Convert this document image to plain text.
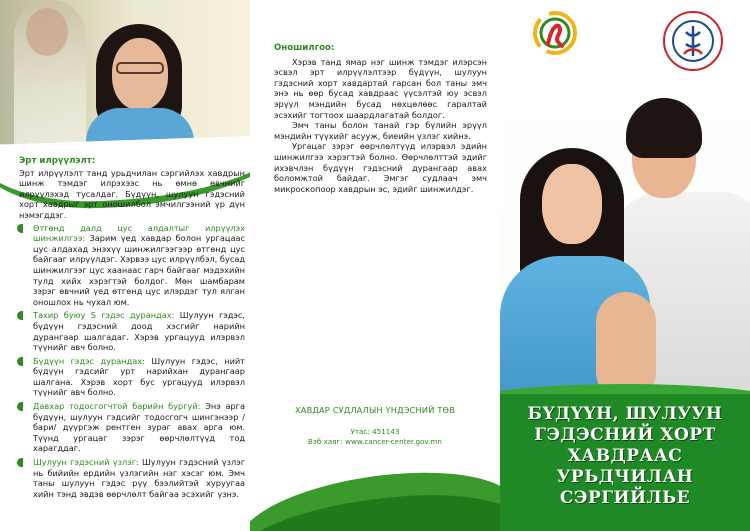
Эрт илрүүлэлт:
Эрт илрүүлэлт танд урьдчилан сэргийлэх хавдрын шинж тэмдэг илрэхээс нь өмнө өвчнийг илрүүлэхэд тусалдаг. Бүдүүн, шулуун гэдэсний хорт хавдрыг эрт оношилбол эмчилгээний үр дүн нэмэгддэг.
Өтгөнд далд цус алдалтыг илрүүлэх шинжилгээ: Зарим үед хавдар болон ургацаас цус алдахад энэхүү шинжилгээгээр өтгөнд цус байгааг илрүүлдэг. Хэрвээ цус илрүүлбэл, бусад шинжилгээг цус хаанаас гарч байгааг мэдэхийн тулд хийх хэрэгтэй болдог. Мөн шамбарам зэрэг өвчний үед өтгөнд цус илэрдэг тул ялган оношлох нь чухал юм.
Тахир буюу S гэдэс дурандах: Шулуун гэдэс, бүдүүн гэдэсний доод хэсгийг нарийн дурангаар шалгадаг. Хэрэв ургацууд илэрвэл түүнийг авч болно.
Бүдүүн гэдэс дурандах: Шулуун гэдэс, нийт бүдүүн гэдсийг урт нарийхан дурангаар шалгана. Хэрэв хорт бус ургацууд илэрвэл түүнийг авч болно.
Давхар тодосгогчтой барийн бургуй: Энэ арга бүдүүн, шулуун гэдсийг тодосгогч шингэнээр /бари/ дүүргэж рентген зураг авах арга юм. Түүнд ургацаг зэрэг өөрчлөлтүүд тод харагддаг.
Шулуун гэдэсний үзлэг: Шулуун гэдэсний үзлэг нь бийийн ердийн үзлэгийн нэг хэсэг юм. Эмч таны шулуун гэдэс рүү бээлийтэй хуруугаа хийн тэнд эвдэв өөрчлөлт байгаа эсэхийг үзнэ.
Оношилгоо:

Хэрэв танд ямар нэг шинж тэмдэг илэрсэн эсвэл эрт илрүүлэлтээр бүдүүн, шулуун гэдэсний хорт хавдартай гарсан бол таны эмч энэ нь өөр бусад хавдраас үүсэлтэй юу эсвэл эрүүл мэндийн бусад нөхцөлөөс гаралтай эсэхийг тогтоох шаардлагатай болдог.

Эмч таны болон танай гэр бүлийн эрүүл мэндийн түүхийг асууж, биеийн үзлэг хийнэ.

Ургацаг зэрэг өөрчлөлтүүд илэрвэл эдийн шинжилгээ хэрэгтэй болно. Өөрчлөлттэй эдийг ихэвчлэн бүдүүн гэдэсний дурангаар авах боломжтой байдаг. Эмгэг судлаач эмч микроскопоор хавдрын эс, эдийг шинжилдэг.

ХАВДАР СУДЛАЛЫН ҮНДЭСНИЙ ТӨВ
Утас: 451143
Вэб хаяг: www.cancer-center.gov.mn
БҮДҮҮН, ШУЛУУН
ГЭДЭСНИЙ ХОРТ
ХАВДРААС
УРЬДЧИЛАН
СЭРГИЙЛЬЕ
